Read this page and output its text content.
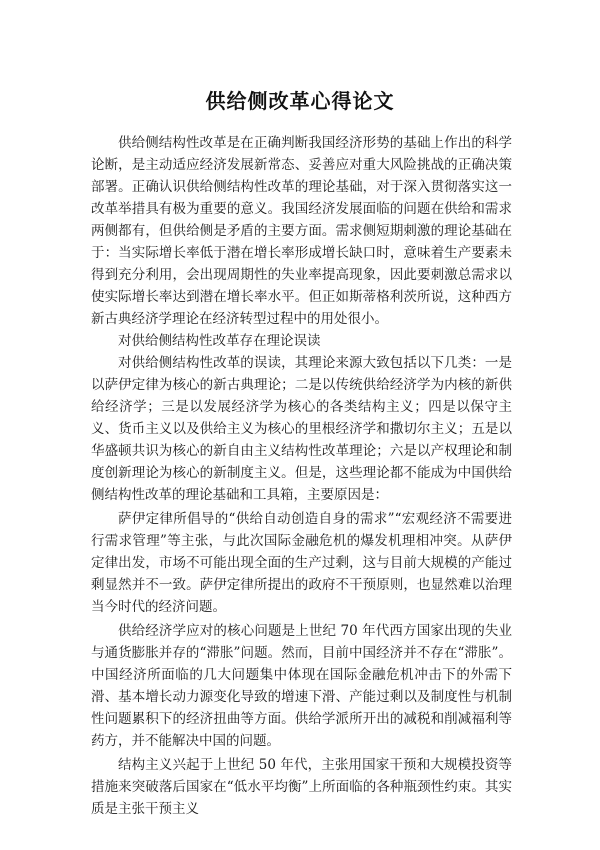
供给侧改革心得论文

供给侧结构性改革是在正确判断我国经济形势的基础上作出的科学论断，是主动适应经济发展新常态、妥善应对重大风险挑战的正确决策部署。正确认识供给侧结构性改革的理论基础，对于深入贯彻落实这一改革举措具有极为重要的意义。我国经济发展面临的问题在供给和需求两侧都有，但供给侧是矛盾的主要方面。需求侧短期刺激的理论基础在于：当实际增长率低于潜在增长率形成增长缺口时，意味着生产要素未得到充分利用，会出现周期性的失业率提高现象，因此要刺激总需求以使实际增长率达到潜在增长率水平。但正如斯蒂格利茨所说，这种西方新古典经济学理论在经济转型过程中的用处很小。

对供给侧结构性改革存在理论误读

对供给侧结构性改革的误读，其理论来源大致包括以下几类：一是以萨伊定律为核心的新古典理论；二是以传统供给经济学为内核的新供给经济学；三是以发展经济学为核心的各类结构主义；四是以保守主义、货币主义以及供给主义为核心的里根经济学和撒切尔主义；五是以华盛顿共识为核心的新自由主义结构性改革理论；六是以产权理论和制度创新理论为核心的新制度主义。但是，这些理论都不能成为中国供给侧结构性改革的理论基础和工具箱，主要原因是：

萨伊定律所倡导的“供给自动创造自身的需求”“宏观经济不需要进行需求管理”等主张，与此次国际金融危机的爆发机理相冲突。从萨伊定律出发，市场不可能出现全面的生产过剩，这与目前大规模的产能过剩显然并不一致。萨伊定律所提出的政府不干预原则，也显然难以治理当今时代的经济问题。

供给经济学应对的核心问题是上世纪 70 年代西方国家出现的失业与通货膨胀并存的“滞胀”问题。然而，目前中国经济并不存在“滞胀”。中国经济所面临的几大问题集中体现在国际金融危机冲击下的外需下滑、基本增长动力源变化导致的增速下滑、产能过剩以及制度性与机制性问题累积下的经济扭曲等方面。供给学派所开出的减税和削减福利等药方，并不能解决中国的问题。

结构主义兴起于上世纪 50 年代，主张用国家干预和大规模投资等措施来突破落后国家在“低水平均衡”上所面临的各种瓶颈性约束。其实质是主张干预主义
